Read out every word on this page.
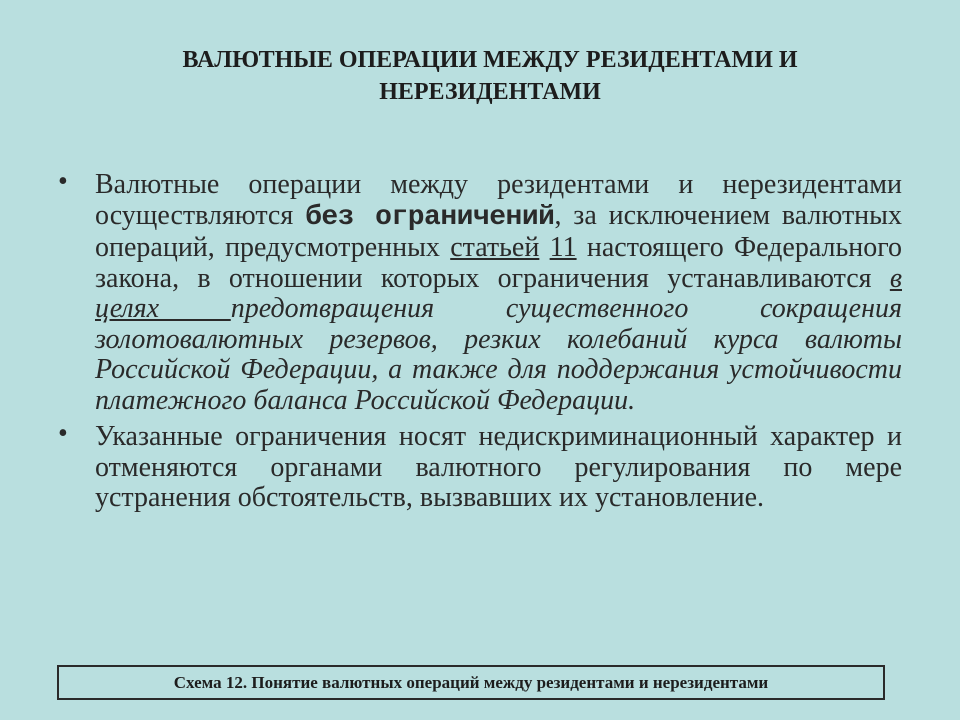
ВАЛЮТНЫЕ ОПЕРАЦИИ МЕЖДУ РЕЗИДЕНТАМИ И
НЕРЕЗИДЕНТАМИ
• Валютные операции между резидентами и нерезидентами осуществляются без ограничений, за исключением валютных операций, предусмотренных статьей 11 настоящего Федерального закона, в отношении которых ограничения устанавливаются в целях предотвращения существенного сокращения золотовалютных резервов, резких колебаний курса валюты Российской Федерации, а также для поддержания устойчивости платежного баланса Российской Федерации.
• Указанные ограничения носят недискриминационный характер и отменяются органами валютного регулирования по мере устранения обстоятельств, вызвавших их установление.
Схема 12. Понятие валютных операций между резидентами и нерезидентами
